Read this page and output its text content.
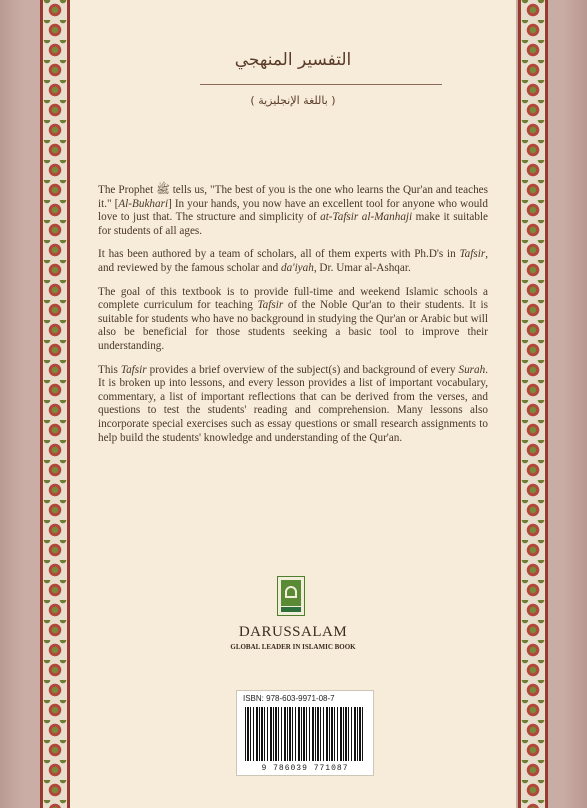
التفسير المنهجي
( باللغة الإنجليزية )

The Prophet ﷺ tells us, "The best of you is the one who learns the Qur'an and teaches it." [Al-Bukhari] In your hands, you now have an excellent tool for anyone who would love to just that. The structure and simplicity of at-Tafsir al-Manhaji make it suitable for students of all ages.

It has been authored by a team of scholars, all of them experts with Ph.D's in Tafsir, and reviewed by the famous scholar and da'iyah, Dr. Umar al-Ashqar.

The goal of this textbook is to provide full-time and weekend Islamic schools a complete curriculum for teaching Tafsir of the Noble Qur'an to their students. It is suitable for students who have no background in studying the Qur'an or Arabic but will also be beneficial for those students seeking a basic tool to improve their understanding.

This Tafsir provides a brief overview of the subject(s) and background of every Surah. It is broken up into lessons, and every lesson provides a list of important vocabulary, commentary, a list of important reflections that can be derived from the verses, and questions to test the students' reading and comprehension. Many lessons also incorporate special exercises such as essay questions or small research assignments to help build the students' knowledge and understanding of the Qur'an.

DARUSSALAM
GLOBAL LEADER IN ISLAMIC BOOK
ISBN: 978-603-9971-08-7
9 786039 771087
